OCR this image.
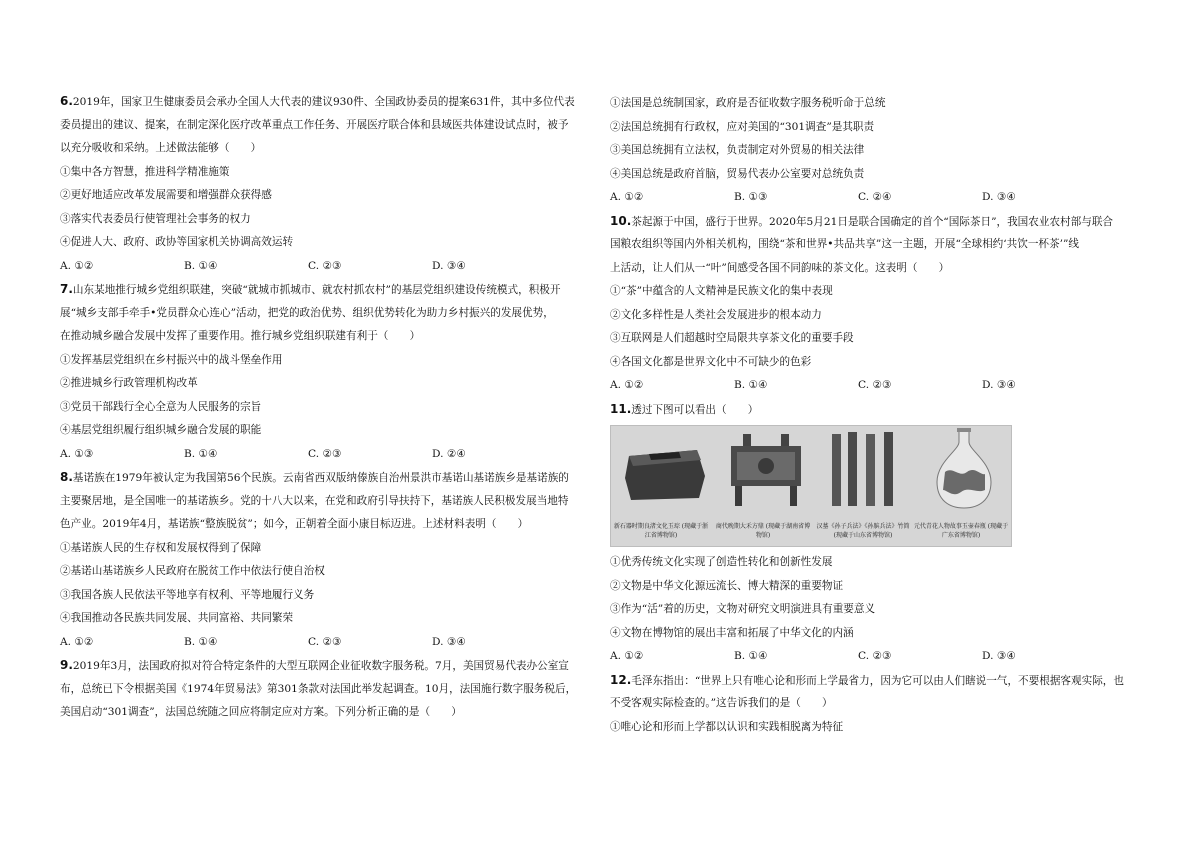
6.2019年，国家卫生健康委员会承办全国人大代表的建议930件、全国政协委员的提案631件，其中多位代表
委员提出的建议、提案，在制定深化医疗改革重点工作任务、开展医疗联合体和县域医共体建设试点时，被予
以充分吸收和采纳。上述做法能够（　　）
①集中各方智慧，推进科学精准施策
②更好地适应改革发展需要和增强群众获得感
③落实代表委员行使管理社会事务的权力
④促进人大、政府、政协等国家机关协调高效运转
A. ①②	B. ①④	C. ②③	D. ③④
7.山东某地推行城乡党组织联建，突破“就城市抓城市、就农村抓农村”的基层党组织建设传统模式，积极开
展“城乡支部手牵手•党员群众心连心”活动，把党的政治优势、组织优势转化为助力乡村振兴的发展优势，
在推动城乡融合发展中发挥了重要作用。推行城乡党组织联建有利于（　　）
①发挥基层党组织在乡村振兴中的战斗堡垒作用
②推进城乡行政管理机构改革
③党员干部践行全心全意为人民服务的宗旨
④基层党组织履行组织城乡融合发展的职能
A. ①③	B. ①④	C. ②③	D. ②④
8.基诺族在1979年被认定为我国第56个民族。云南省西双版纳傣族自治州景洪市基诺山基诺族乡是基诺族的
主要聚居地，是全国唯一的基诺族乡。党的十八大以来，在党和政府引导扶持下，基诺族人民积极发展当地特
色产业。2019年4月，基诺族“整族脱贫”；如今，正朝着全面小康目标迈进。上述材料表明（　　）
①基诺族人民的生存权和发展权得到了保障
②基诺山基诺族乡人民政府在脱贫工作中依法行使自治权
③我国各族人民依法平等地享有权利、平等地履行义务
④我国推动各民族共同发展、共同富裕、共同繁荣
A. ①②	B. ①④	C. ②③	D. ③④
9.2019年3月，法国政府拟对符合特定条件的大型互联网企业征收数字服务税。7月，美国贸易代表办公室宣
布，总统已下令根据美国《1974年贸易法》第301条款对法国此举发起调查。10月，法国施行数字服务税后，
美国启动“301调查”，法国总统随之回应将制定应对方案。下列分析正确的是（　　）
①法国是总统制国家，政府是否征收数字服务税听命于总统
②法国总统拥有行政权，应对美国的“301调查”是其职责
③美国总统拥有立法权，负责制定对外贸易的相关法律
④美国总统是政府首脑，贸易代表办公室要对总统负责
A. ①②	B. ①③	C. ②④	D. ③④
10.茶起源于中国，盛行于世界。2020年5月21日是联合国确定的首个“国际茶日”，我国农业农村部与联合
国粮农组织等国内外相关机构，围绕“茶和世界•共品共享”这一主题，开展“全球相约‘共饮一杯茶’”线
上活动，让人们从一“叶”间感受各国不同韵味的茶文化。这表明（　　）
①“茶”中蕴含的人文精神是民族文化的集中表现
②文化多样性是人类社会发展进步的根本动力
③互联网是人们超越时空局限共享茶文化的重要手段
④各国文化都是世界文化中不可缺少的色彩
A. ①②	B. ①④	C. ②③	D. ③④
11.透过下图可以看出（　　）
新石器时期良渚文化玉琮 (现藏于浙江省博物馆)
商代晚期大禾方鼎 (现藏于湖南省博物馆)
汉墓《孙子兵法》《孙膑兵法》竹简 (现藏于山东省博物馆)
元代青花人物故事玉壶春瓶 (现藏于广东省博物馆)
①优秀传统文化实现了创造性转化和创新性发展
②文物是中华文化源远流长、博大精深的重要物证
③作为“活”着的历史，文物对研究文明演进具有重要意义
④文物在博物馆的展出丰富和拓展了中华文化的内涵
A. ①②	B. ①④	C. ②③	D. ③④
12.毛泽东指出：“世界上只有唯心论和形而上学最省力，因为它可以由人们瞎说一气，不要根据客观实际，也
不受客观实际检查的。”这告诉我们的是（　　）
①唯心论和形而上学都以认识和实践相脱离为特征
